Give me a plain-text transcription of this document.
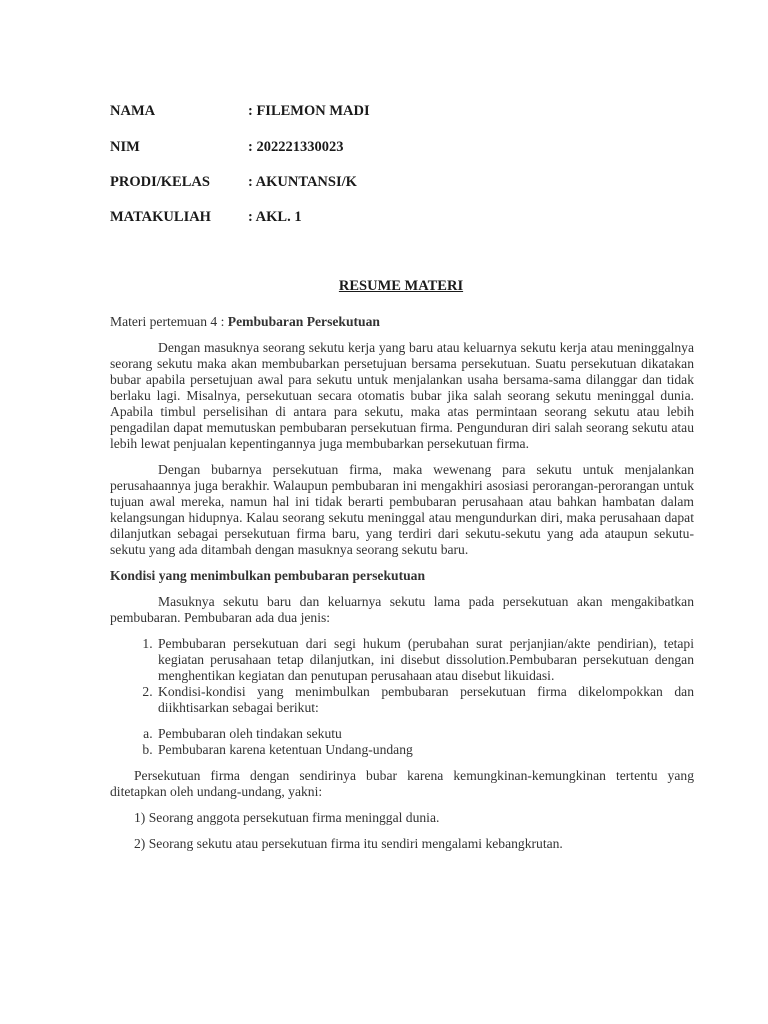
NAMA	: FILEMON MADI
NIM	: 202221330023
PRODI/KELAS	: AKUNTANSI/K
MATAKULIAH	: AKL. 1
RESUME MATERI

Materi pertemuan 4 : Pembubaran Persekutuan

Dengan masuknya seorang sekutu kerja yang baru atau keluarnya sekutu kerja atau meninggalnya seorang sekutu maka akan membubarkan persetujuan bersama persekutuan. Suatu persekutuan dikatakan bubar apabila persetujuan awal para sekutu untuk menjalankan usaha bersama-sama dilanggar dan tidak berlaku lagi. Misalnya, persekutuan secara otomatis bubar jika salah seorang sekutu meninggal dunia. Apabila timbul perselisihan di antara para sekutu, maka atas permintaan seorang sekutu atau lebih pengadilan dapat memutuskan pembubaran persekutuan firma. Pengunduran diri salah seorang sekutu atau lebih lewat penjualan kepentingannya juga membubarkan persekutuan firma.

Dengan bubarnya persekutuan firma, maka wewenang para sekutu untuk menjalankan perusahaannya juga berakhir. Walaupun pembubaran ini mengakhiri asosiasi perorangan-perorangan untuk tujuan awal mereka, namun hal ini tidak berarti pembubaran perusahaan atau bahkan hambatan dalam kelangsungan hidupnya. Kalau seorang sekutu meninggal atau mengundurkan diri, maka perusahaan dapat dilanjutkan sebagai persekutuan firma baru, yang terdiri dari sekutu-sekutu yang ada ataupun sekutu-sekutu yang ada ditambah dengan masuknya seorang sekutu baru.

Kondisi yang menimbulkan pembubaran persekutuan

Masuknya sekutu baru dan keluarnya sekutu lama pada persekutuan akan mengakibatkan pembubaran. Pembubaran ada dua jenis:

1. Pembubaran persekutuan dari segi hukum (perubahan surat perjanjian/akte pendirian), tetapi kegiatan perusahaan tetap dilanjutkan, ini disebut dissolution.Pembubaran persekutuan dengan menghentikan kegiatan dan penutupan perusahaan atau disebut likuidasi.
2. Kondisi-kondisi yang menimbulkan pembubaran persekutuan firma dikelompokkan dan diikhtisarkan sebagai berikut:
a. Pembubaran oleh tindakan sekutu
b. Pembubaran karena ketentuan Undang-undang

Persekutuan firma dengan sendirinya bubar karena kemungkinan-kemungkinan tertentu yang ditetapkan oleh undang-undang, yakni:

1) Seorang anggota persekutuan firma meninggal dunia.

2) Seorang sekutu atau persekutuan firma itu sendiri mengalami kebangkrutan.
